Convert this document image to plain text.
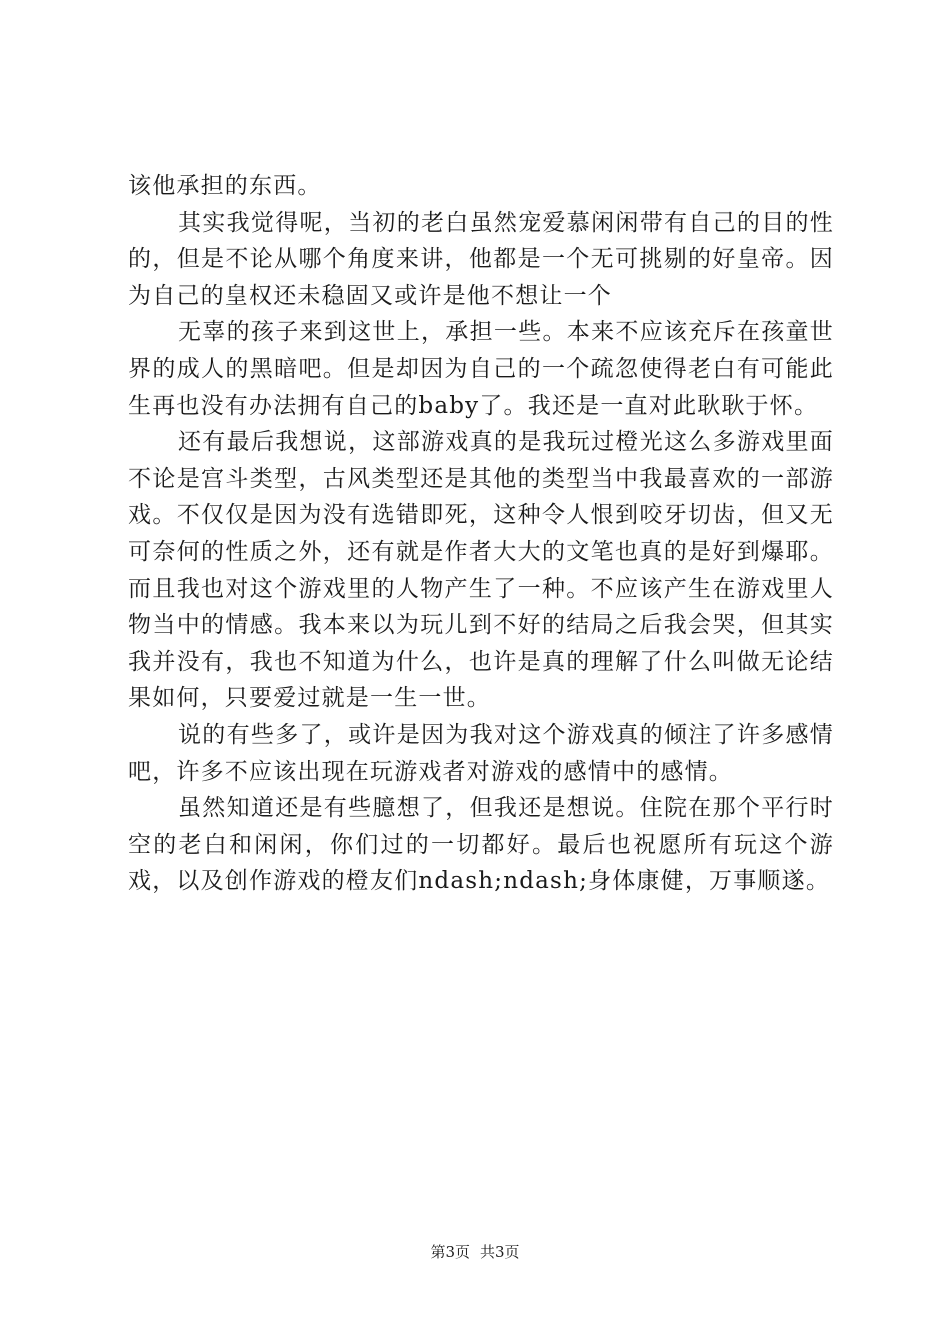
该他承担的东西。

其实我觉得呢，当初的老白虽然宠爱慕闲闲带有自己的目的性的，但是不论从哪个角度来讲，他都是一个无可挑剔的好皇帝。因为自己的皇权还未稳固又或许是他不想让一个

无辜的孩子来到这世上，承担一些。本来不应该充斥在孩童世界的成人的黑暗吧。但是却因为自己的一个疏忽使得老白有可能此生再也没有办法拥有自己的baby了。我还是一直对此耿耿于怀。

还有最后我想说，这部游戏真的是我玩过橙光这么多游戏里面不论是宫斗类型，古风类型还是其他的类型当中我最喜欢的一部游戏。不仅仅是因为没有选错即死，这种令人恨到咬牙切齿，但又无可奈何的性质之外，还有就是作者大大的文笔也真的是好到爆耶。而且我也对这个游戏里的人物产生了一种。不应该产生在游戏里人物当中的情感。我本来以为玩儿到不好的结局之后我会哭，但其实我并没有，我也不知道为什么，也许是真的理解了什么叫做无论结果如何，只要爱过就是一生一世。

说的有些多了，或许是因为我对这个游戏真的倾注了许多感情吧，许多不应该出现在玩游戏者对游戏的感情中的感情。

虽然知道还是有些臆想了，但我还是想说。住院在那个平行时空的老白和闲闲，你们过的一切都好。最后也祝愿所有玩这个游戏，以及创作游戏的橙友们ndash;ndash;身体康健，万事顺遂。

第3页 共3页
